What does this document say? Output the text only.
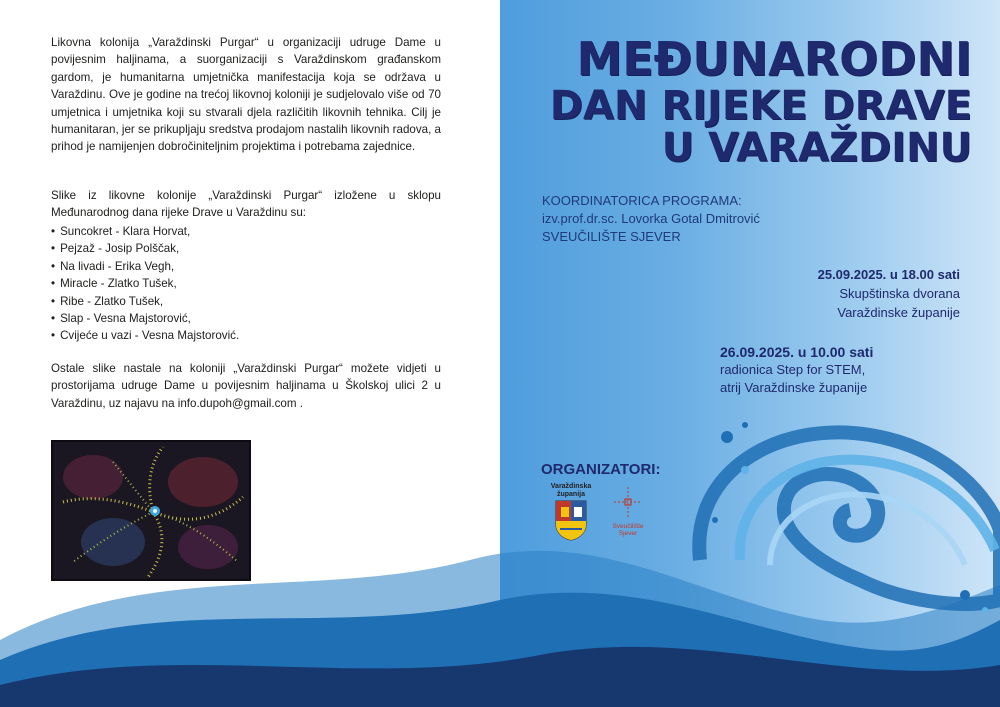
Likovna kolonija „Varaždinski Purgar“ u organizaciji udruge Dame u povijesnim haljinama, a suorganizaciji s Varaždinskom građanskom gardom, je humanitarna umjetnička manifestacija koja se održava u Varaždinu. Ove je godine na trećoj likovnoj koloniji je sudjelovalo više od 70 umjetnica i umjetnika koji su stvarali djela različitih likovnih tehnika. Cilj je humanitaran, jer se prikupljaju sredstva prodajom nastalih likovnih radova, a prihod je namijenjen dobročiniteljnim projektima i potrebama zajednice.

Slike iz likovne kolonije „Varaždinski Purgar“ izložene u sklopu Međunarodnog dana rijeke Drave u Varaždinu su:

• Suncokret - Klara Horvat,
• Pejzaž - Josip Polščak,
• Na livadi - Erika Vegh,
• Miracle - Zlatko Tušek,
• Ribe - Zlatko Tušek,
• Slap - Vesna Majstorović,
• Cvijeće u vazi - Vesna Majstorović.

Ostale slike nastale na koloniji „Varaždinski Purgar“ možete vidjeti u prostorijama udruge Dame u povijesnim haljinama u Školskoj ulici 2 u Varaždinu, uz najavu na info.dupoh@gmail.com .

MEĐUNARODNI
DAN RIJEKE DRAVE
U VARAŽDINU
KOORDINATORICA PROGRAMA:
izv.prof.dr.sc. Lovorka Gotal Dmitrović
SVEUČILIŠTE SJEVER
25.09.2025. u 18.00 sati
Skupštinska dvorana
Varaždinske županije
26.09.2025. u 10.00 sati
radionica Step for STEM,
atrij Varaždinske županije
ORGANIZATORI:
Varaždinska
županija
Sveučilište
Sjever
